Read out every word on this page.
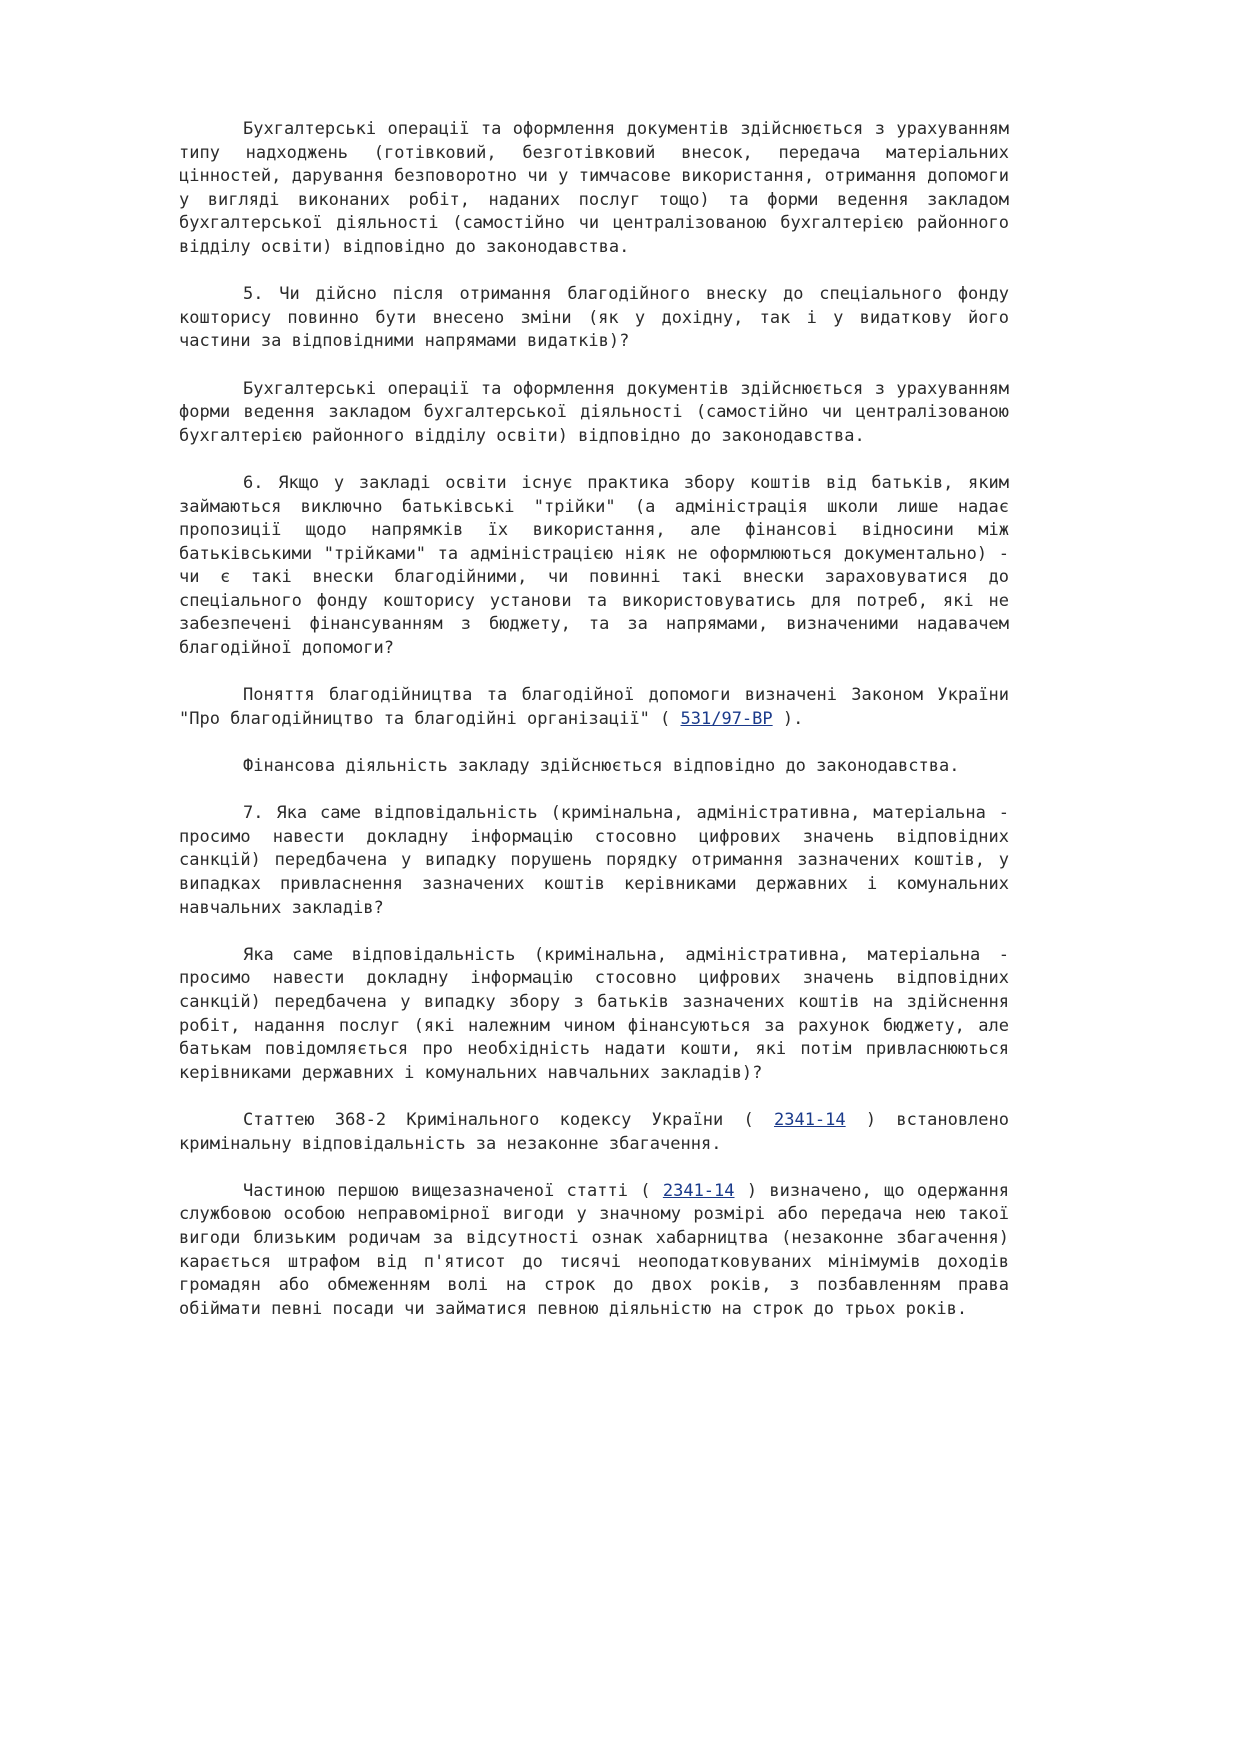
Бухгалтерські операції та оформлення документів здійснюється з урахуванням типу надходжень (готівковий, безготівковий внесок, передача матеріальних цінностей, дарування безповоротно чи у тимчасове використання, отримання допомоги у вигляді виконаних робіт, наданих послуг тощо) та форми ведення закладом бухгалтерської діяльності (самостійно чи централізованою бухгалтерією районного відділу освіти) відповідно до законодавства.

5. Чи дійсно після отримання благодійного внеску до спеціального фонду кошторису повинно бути внесено зміни (як у дохідну, так і у видаткову його частини за відповідними напрямами видатків)?

Бухгалтерські операції та оформлення документів здійснюється з урахуванням форми ведення закладом бухгалтерської діяльності (самостійно чи централізованою бухгалтерією районного відділу освіти) відповідно до законодавства.

6. Якщо у закладі освіти існує практика збору коштів від батьків, яким займаються виключно батьківські "трійки" (а адміністрація школи лише надає пропозиції щодо напрямків їх використання, але фінансові відносини між батьківськими "трійками" та адміністрацією ніяк не оформлюються документально) - чи є такі внески благодійними, чи повинні такі внески зараховуватися до спеціального фонду кошторису установи та використовуватись для потреб, які не забезпечені фінансуванням з бюджету, та за напрямами, визначеними надавачем благодійної допомоги?

Поняття благодійництва та благодійної допомоги визначені Законом України "Про благодійництво та благодійні організації" ( 531/97-ВР ).

Фінансова діяльність закладу здійснюється відповідно до законодавства.

7. Яка саме відповідальність (кримінальна, адміністративна, матеріальна - просимо навести докладну інформацію стосовно цифрових значень відповідних санкцій) передбачена у випадку порушень порядку отримання зазначених коштів, у випадках привласнення зазначених коштів керівниками державних і комунальних навчальних закладів?

Яка саме відповідальність (кримінальна, адміністративна, матеріальна - просимо навести докладну інформацію стосовно цифрових значень відповідних санкцій) передбачена у випадку збору з батьків зазначених коштів на здійснення робіт, надання послуг (які належним чином фінансуються за рахунок бюджету, але батькам повідомляється про необхідність надати кошти, які потім привласнюються керівниками державних і комунальних навчальних закладів)?

Статтею 368-2 Кримінального кодексу України ( 2341-14 ) встановлено кримінальну відповідальність за незаконне збагачення.

Частиною першою вищезазначеної статті ( 2341-14 ) визначено, що одержання службовою особою неправомірної вигоди у значному розмірі або передача нею такої вигоди близьким родичам за відсутності ознак хабарництва (незаконне збагачення) карається штрафом від п'ятисот до тисячі неоподатковуваних мінімумів доходів громадян або обмеженням волі на строк до двох років, з позбавленням права обіймати певні посади чи займатися певною діяльністю на строк до трьох років.
